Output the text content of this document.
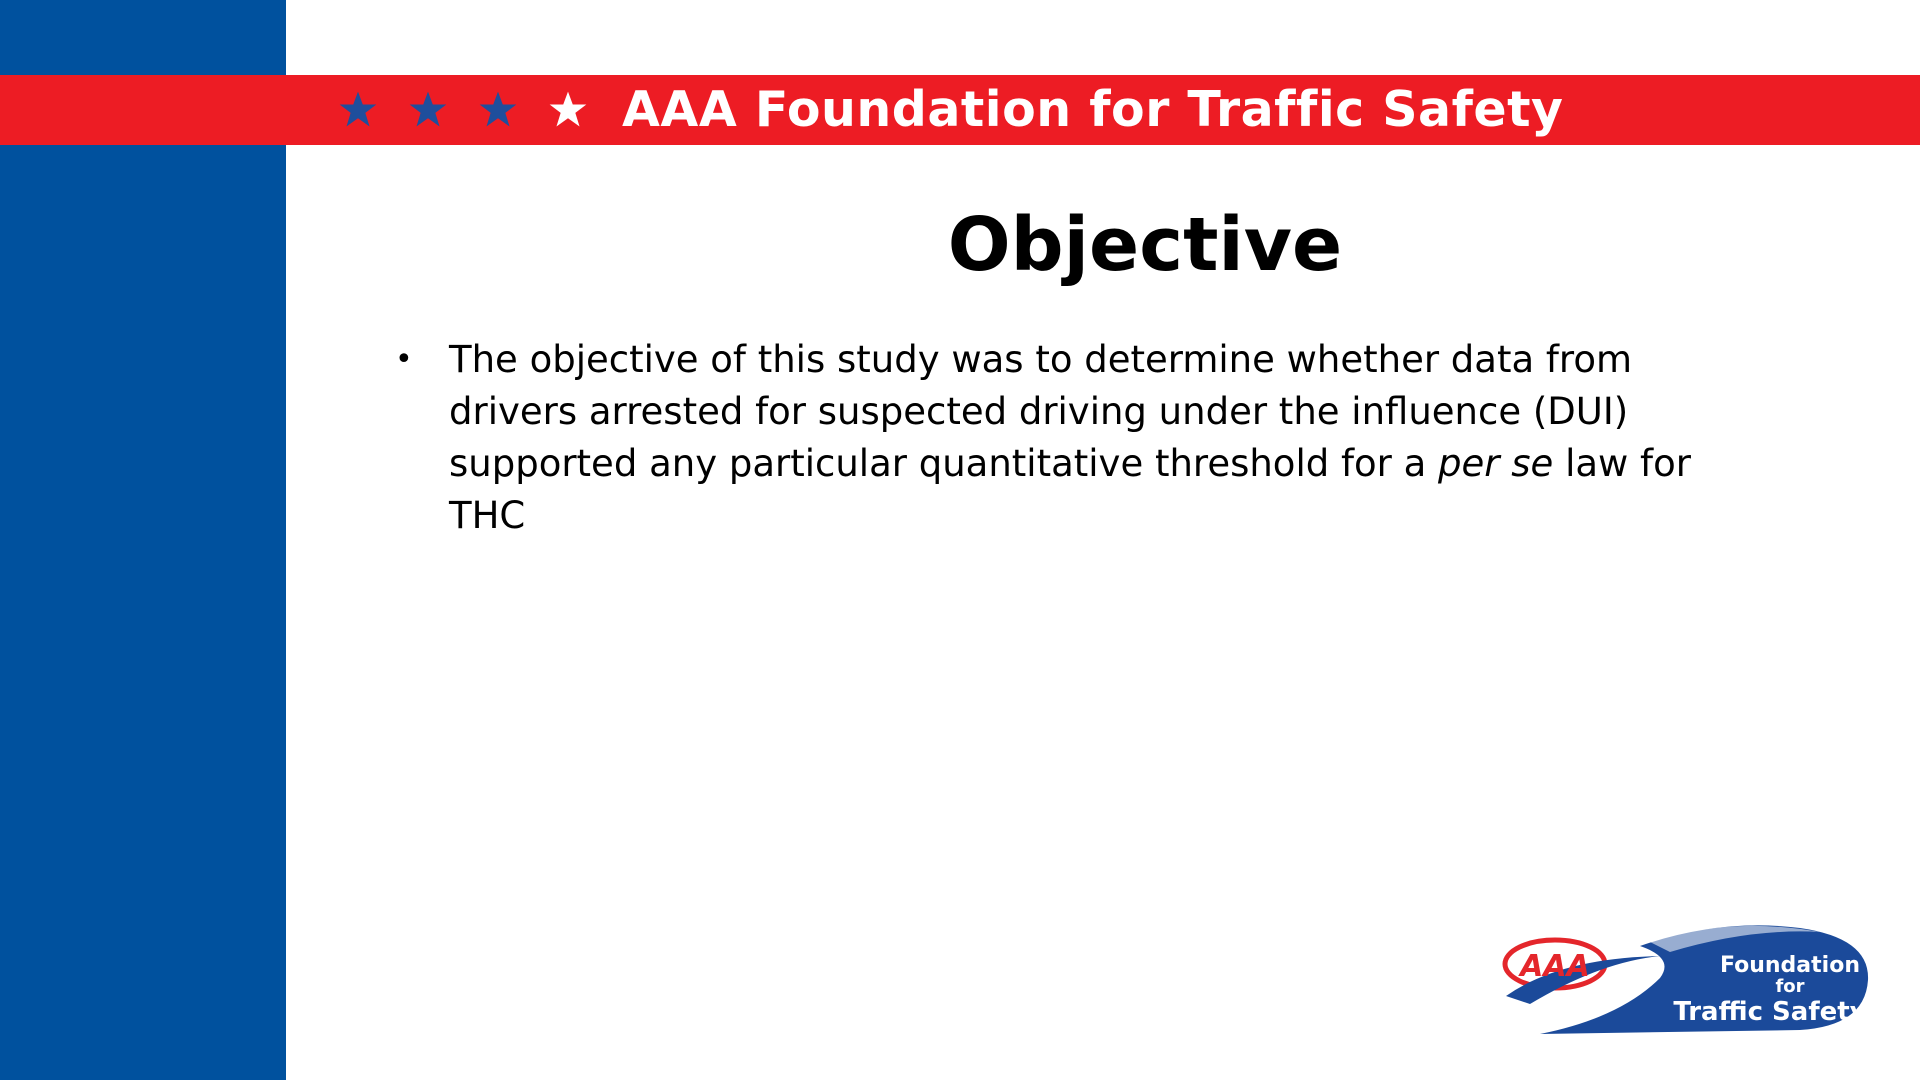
AAA Foundation for Traffic Safety
Objective
• The objective of this study was to determine whether data from drivers arrested for suspected driving under the influence (DUI) supported any particular quantitative threshold for a per se law for THC
AAA	Foundation
for
Traffic Safety
